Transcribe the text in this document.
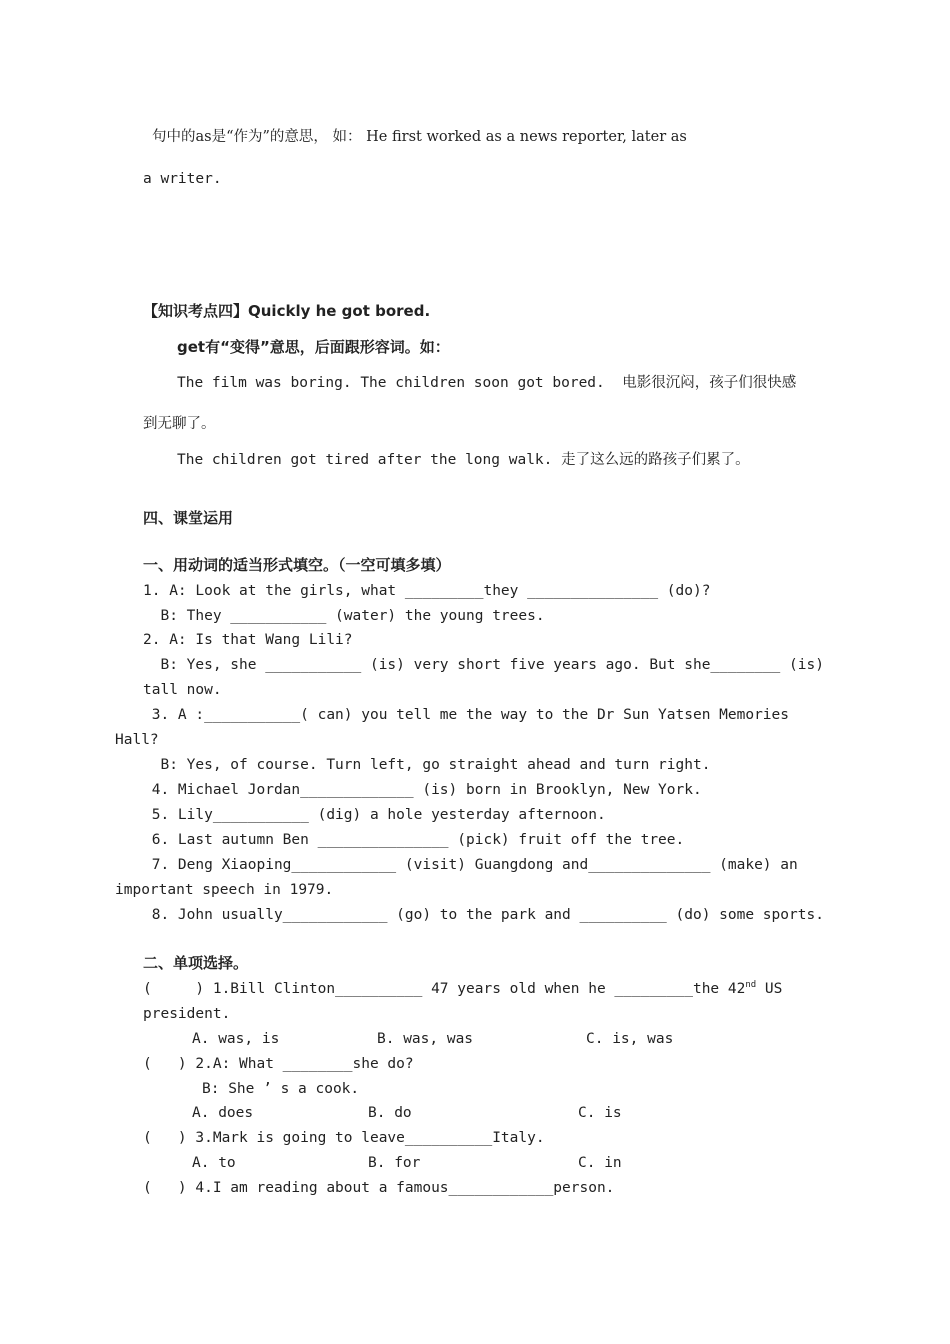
句中的as是“作为”的意思， 如： He first worked as a news reporter, later as
a writer.
【知识考点四】Quickly he got bored.
get有“变得”意思，后面跟形容词。如：
The film was boring. The children soon got bored.  电影很沉闷，孩子们很快感
到无聊了。
The children got tired after the long walk. 走了这么远的路孩子们累了。
四、课堂运用
一、用动词的适当形式填空。（一空可填多填）
1. A: Look at the girls, what _________they _______________ (do)?
B: They ___________ (water) the young trees.
2. A: Is that Wang Lili?
B: Yes, she ___________ (is) very short five years ago. But she________ (is)
tall now.
3. A :___________( can) you tell me the way to the Dr Sun Yatsen Memories
Hall?
B: Yes, of course. Turn left, go straight ahead and turn right.
4. Michael Jordan_____________ (is) born in Brooklyn, New York.
5. Lily___________ (dig) a hole yesterday afternoon.
6. Last autumn Ben _______________ (pick) fruit off the tree.
7. Deng Xiaoping____________ (visit) Guangdong and______________ (make) an
important speech in 1979.
8. John usually____________ (go) to the park and __________ (do) some sports.
二、单项选择。
(     ) 1.Bill Clinton__________ 47 years old when he _________the 42nd US
president.
A. was, is	B. was, was	C. is, was
(   ) 2.A: What ________she do?
B: She ’ s a cook.
A. does	B. do	C. is
(   ) 3.Mark is going to leave__________Italy.
A. to	B. for	C. in
(   ) 4.I am reading about a famous____________person.
